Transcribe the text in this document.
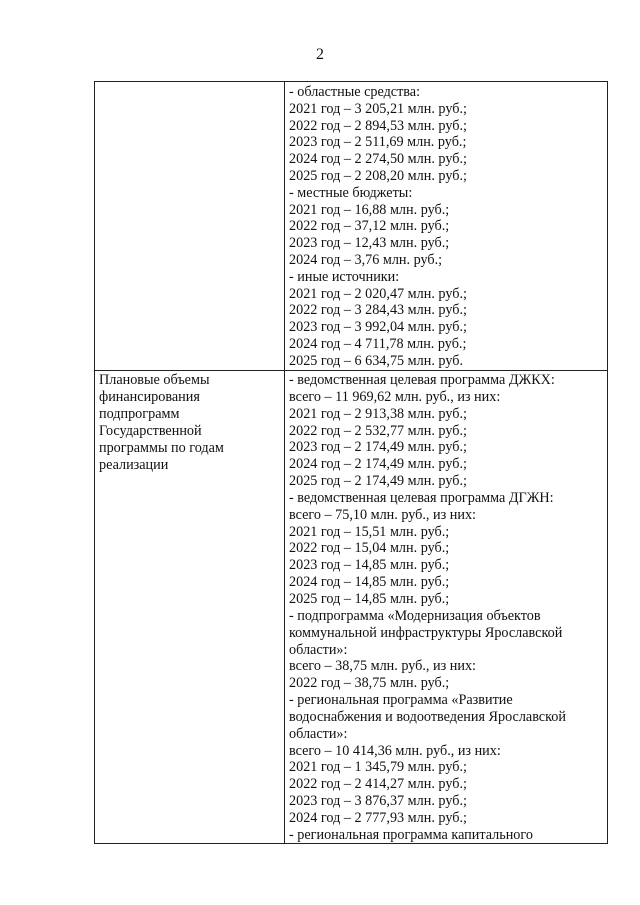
2
- областные средства:
2021 год – 3 205,21 млн. руб.;
2022 год – 2 894,53 млн. руб.;
2023 год – 2 511,69 млн. руб.;
2024 год – 2 274,50 млн. руб.;
2025 год – 2 208,20 млн. руб.;
- местные бюджеты:
2021 год – 16,88 млн. руб.;
2022 год – 37,12 млн. руб.;
2023 год – 12,43 млн. руб.;
2024 год – 3,76 млн. руб.;
- иные источники:
2021 год – 2 020,47 млн. руб.;
2022 год – 3 284,43 млн. руб.;
2023 год – 3 992,04 млн. руб.;
2024 год – 4 711,78 млн. руб.;
2025 год – 6 634,75 млн. руб.
Плановые объемы
финансирования
подпрограмм
Государственной
программы по годам
реализации
- ведомственная целевая программа ДЖКХ:
всего – 11 969,62 млн. руб., из них:
2021 год – 2 913,38 млн. руб.;
2022 год – 2 532,77 млн. руб.;
2023 год – 2 174,49 млн. руб.;
2024 год – 2 174,49 млн. руб.;
2025 год – 2 174,49 млн. руб.;
- ведомственная целевая программа ДГЖН:
всего – 75,10 млн. руб., из них:
2021 год – 15,51 млн. руб.;
2022 год – 15,04 млн. руб.;
2023 год – 14,85 млн. руб.;
2024 год – 14,85 млн. руб.;
2025 год – 14,85 млн. руб.;
- подпрограмма «Модернизация объектов
коммунальной инфраструктуры Ярославской
области»:
всего – 38,75 млн. руб., из них:
2022 год – 38,75 млн. руб.;
- региональная программа «Развитие
водоснабжения и водоотведения Ярославской
области»:
всего – 10 414,36 млн. руб., из них:
2021 год – 1 345,79 млн. руб.;
2022 год – 2 414,27 млн. руб.;
2023 год – 3 876,37 млн. руб.;
2024 год – 2 777,93 млн. руб.;
- региональная программа капитального
